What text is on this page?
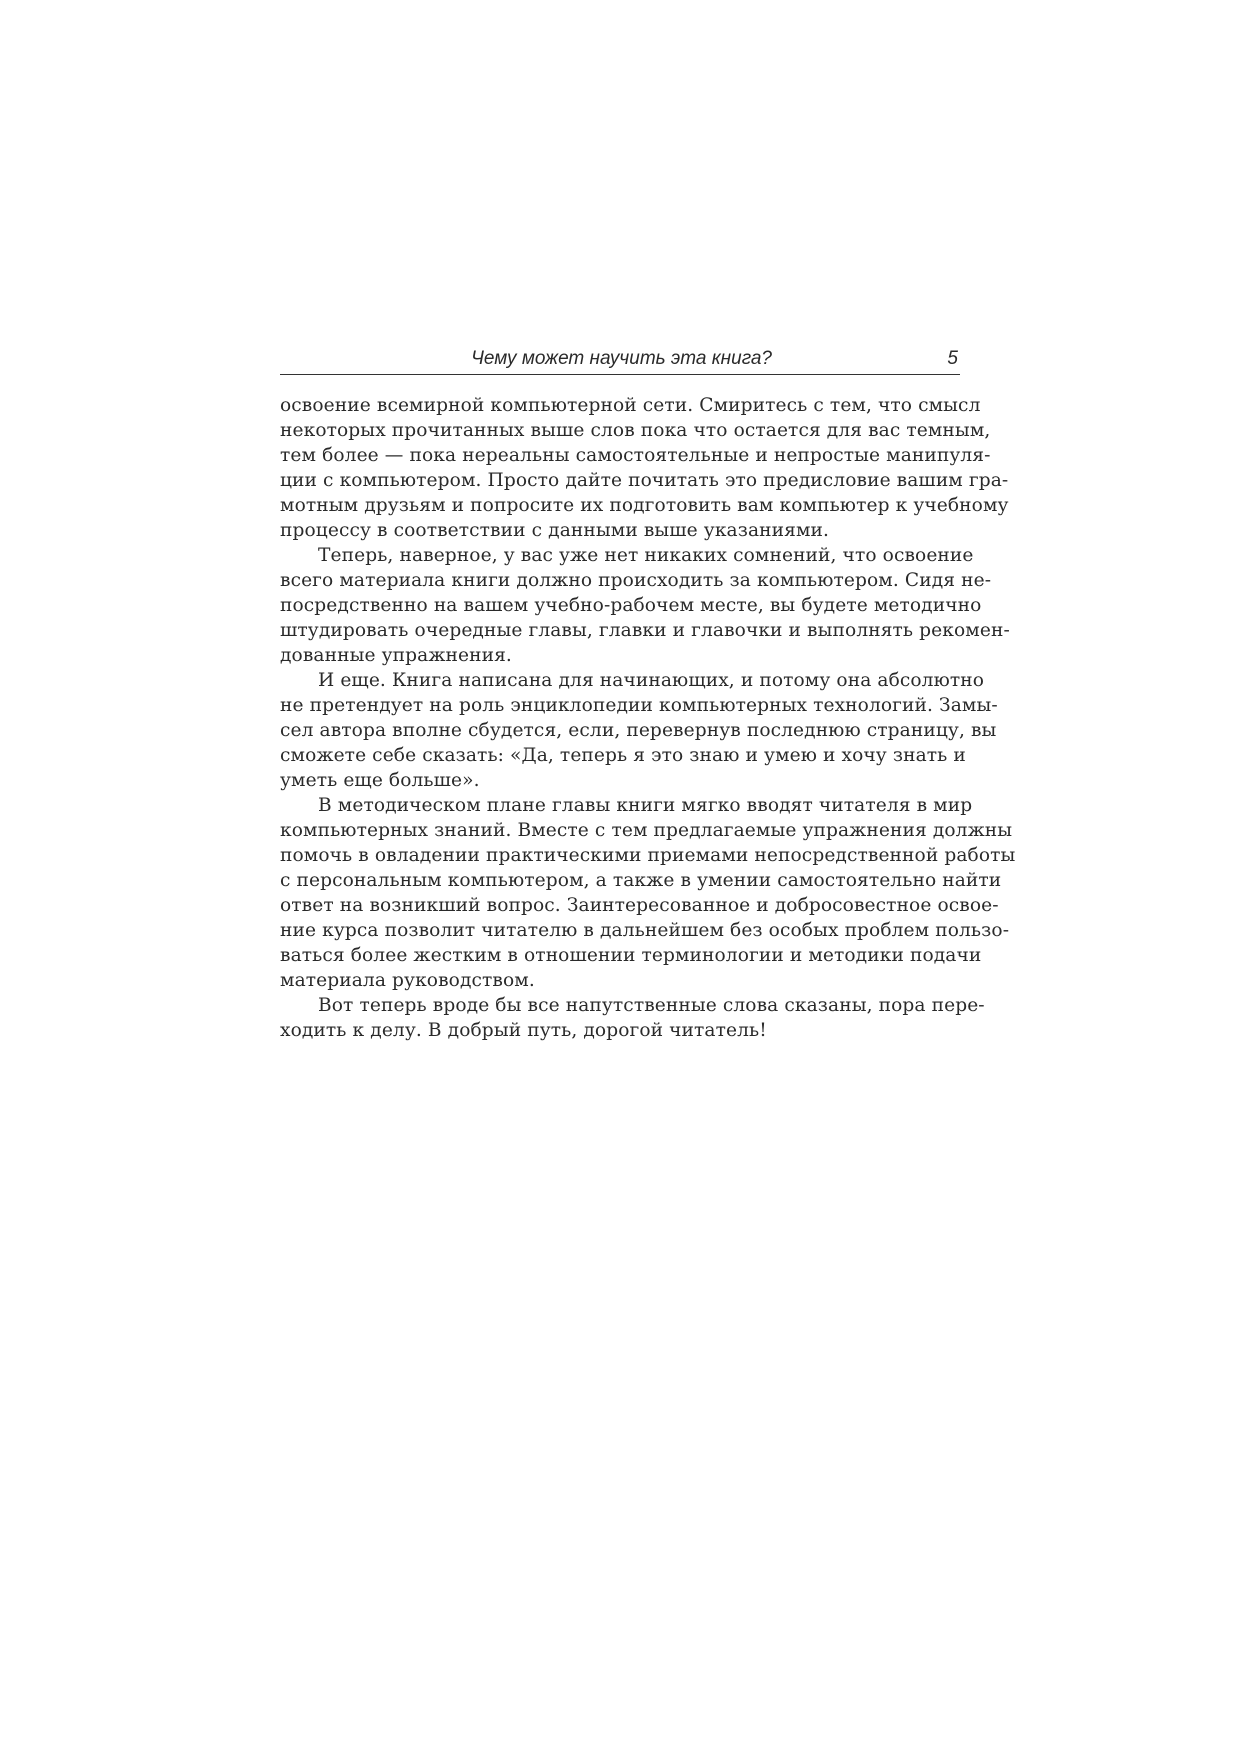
Чему может научить эта книга?	5
освоение всемирной компьютерной сети. Смиритесь с тем, что смысл
некоторых прочитанных выше слов пока что остается для вас темным,
тем более — пока нереальны самостоятельные и непростые манипуля-
ции с компьютером. Просто дайте почитать это предисловие вашим гра-
мотным друзьям и попросите их подготовить вам компьютер к учебному
процессу в соответствии с данными выше указаниями.
Теперь, наверное, у вас уже нет никаких сомнений, что освоение
всего материала книги должно происходить за компьютером. Сидя не-
посредственно на вашем учебно-рабочем месте, вы будете методично
штудировать очередные главы, главки и главочки и выполнять рекомен-
дованные упражнения.
И еще. Книга написана для начинающих, и потому она абсолютно
не претендует на роль энциклопедии компьютерных технологий. Замы-
сел автора вполне сбудется, если, перевернув последнюю страницу, вы
сможете себе сказать: «Да, теперь я это знаю и умею и хочу знать и
уметь еще больше».
В методическом плане главы книги мягко вводят читателя в мир
компьютерных знаний. Вместе с тем предлагаемые упражнения должны
помочь в овладении практическими приемами непосредственной работы
с персональным компьютером, а также в умении самостоятельно найти
ответ на возникший вопрос. Заинтересованное и добросовестное освое-
ние курса позволит читателю в дальнейшем без особых проблем пользо-
ваться более жестким в отношении терминологии и методики подачи
материала руководством.
Вот теперь вроде бы все напутственные слова сказаны, пора пере-
ходить к делу. В добрый путь, дорогой читатель!
